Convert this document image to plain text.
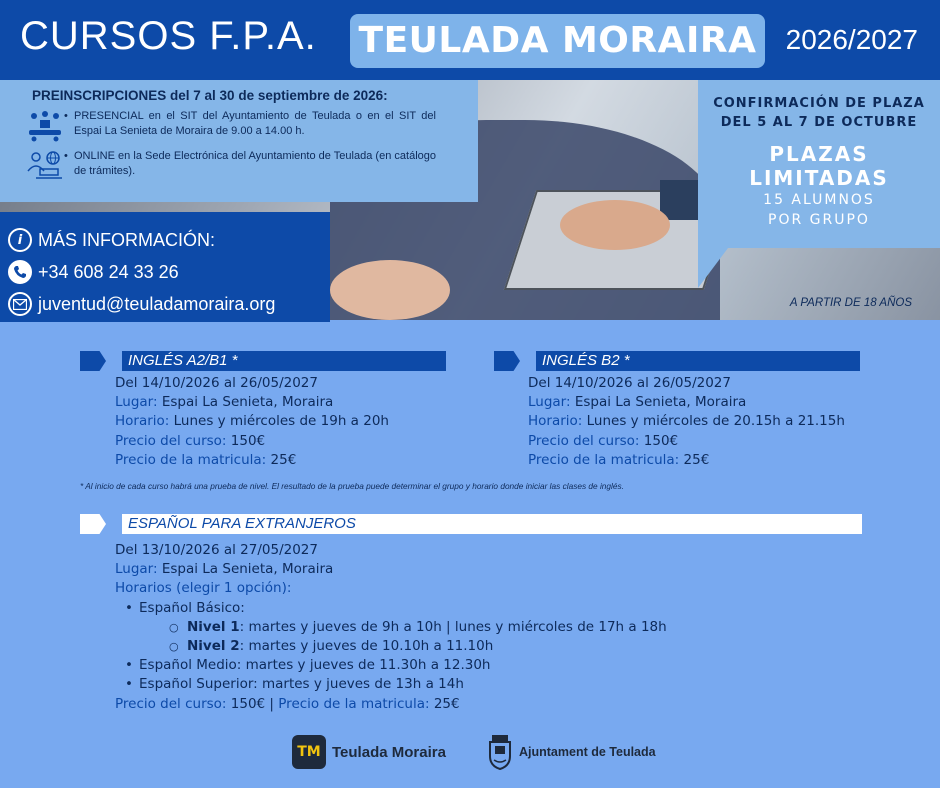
CURSOS F.P.A. TEULADA MORAIRA	2026/2027
PREINSCRIPCIONES del 7 al 30 de septiembre de 2026:
• PRESENCIAL en el SIT del Ayuntamiento de Teulada o en el SIT del Espai La Senieta de Moraira de 9.00 a 14.00 h.
• ONLINE en la Sede Electrónica del Ayuntamiento de Teulada (en catálogo de trámites).
i MÁS INFORMACIÓN:
+34 608 24 33 26
juventud@teuladamoraira.org
CONFIRMACIÓN DE PLAZA
DEL 5 AL 7 DE OCTUBRE
PLAZAS
LIMITADAS
15 ALUMNOS
POR GRUPO
A PARTIR DE 18 AÑOS
INGLÉS A2/B1 *
Del 14/10/2026 al 26/05/2027
Lugar: Espai La Senieta, Moraira
Horario: Lunes y miércoles de 19h a 20h
Precio del curso: 150€
Precio de la matricula: 25€
INGLÉS B2 *
Del 14/10/2026 al 26/05/2027
Lugar: Espai La Senieta, Moraira
Horario: Lunes y miércoles de 20.15h a 21.15h
Precio del curso: 150€
Precio de la matricula: 25€
* Al inicio de cada curso habrá una prueba de nivel. El resultado de la prueba puede determinar el grupo y horario donde iniciar las clases de inglés.
ESPAÑOL PARA EXTRANJEROS
Del 13/10/2026 al 27/05/2027
Lugar: Espai La Senieta, Moraira
Horarios (elegir 1 opción):
• Español Básico:
○ Nivel 1: martes y jueves de 9h a 10h | lunes y miércoles de 17h a 18h
○ Nivel 2: martes y jueves de 10.10h a 11.10h
• Español Medio: martes y jueves de 11.30h a 12.30h
• Español Superior: martes y jueves de 13h a 14h
Precio del curso: 150€ | Precio de la matricula: 25€
TM Teulada Moraira	Ajuntament de Teulada
